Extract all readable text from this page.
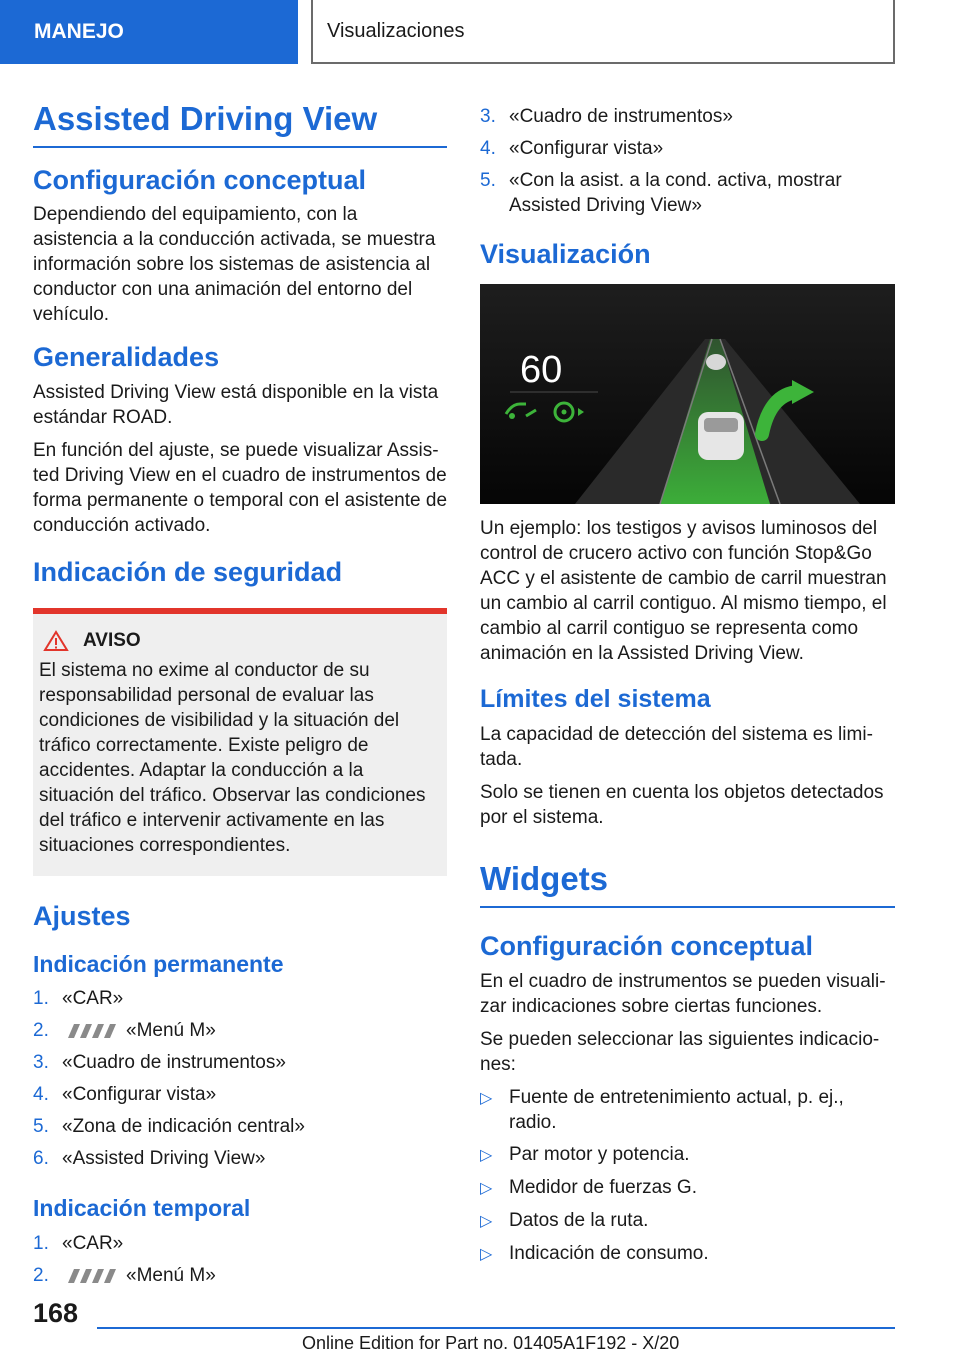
MANEJO	Visualizaciones
Assisted Driving View
Configuración conceptual

Dependiendo del equipamiento, con la asistencia a la conducción activada, se muestra información sobre los sistemas de asistencia al conductor con una animación del entorno del vehículo.

Generalidades

Assisted Driving View está disponible en la vista estándar ROAD.

En función del ajuste, se puede visualizar Assisted Driving View en el cuadro de instrumentos de forma permanente o temporal con el asistente de conducción activado.

Indicación de seguridad
AVISO

El sistema no exime al conductor de su responsabilidad personal de evaluar las condiciones de visibilidad y la situación del tráfico correctamente. Existe peligro de accidentes. Adaptar la conducción a la situación del tráfico. Observar las condiciones del tráfico e intervenir activamente en las situaciones correspondientes.

Ajustes
Indicación permanente
1. «CAR»
2.	«Menú M»
3. «Cuadro de instrumentos»
4. «Configurar vista»
5. «Zona de indicación central»
6. «Assisted Driving View»
Indicación temporal
1. «CAR»
2.	«Menú M»
3. «Cuadro de instrumentos»
4. «Configurar vista»
5. «Con la asist. a la cond. activa, mostrar Assisted Driving View»
Visualización
60

Un ejemplo: los testigos y avisos luminosos del control de crucero activo con función Stop&Go ACC y el asistente de cambio de carril muestran un cambio al carril contiguo. Al mismo tiempo, el cambio al carril contiguo se representa como animación en la Assisted Driving View.

Límites del sistema

La capacidad de detección del sistema es limitada.

Solo se tienen en cuenta los objetos detectados por el sistema.

Widgets
Configuración conceptual

En el cuadro de instrumentos se pueden visualizar indicaciones sobre ciertas funciones.

Se pueden seleccionar las siguientes indicaciones:

▷ Fuente de entretenimiento actual, p. ej., radio.
▷ Par motor y potencia.
▷ Medidor de fuerzas G.
▷ Datos de la ruta.
▷ Indicación de consumo.
168
Online Edition for Part no. 01405A1F192 - X/20
